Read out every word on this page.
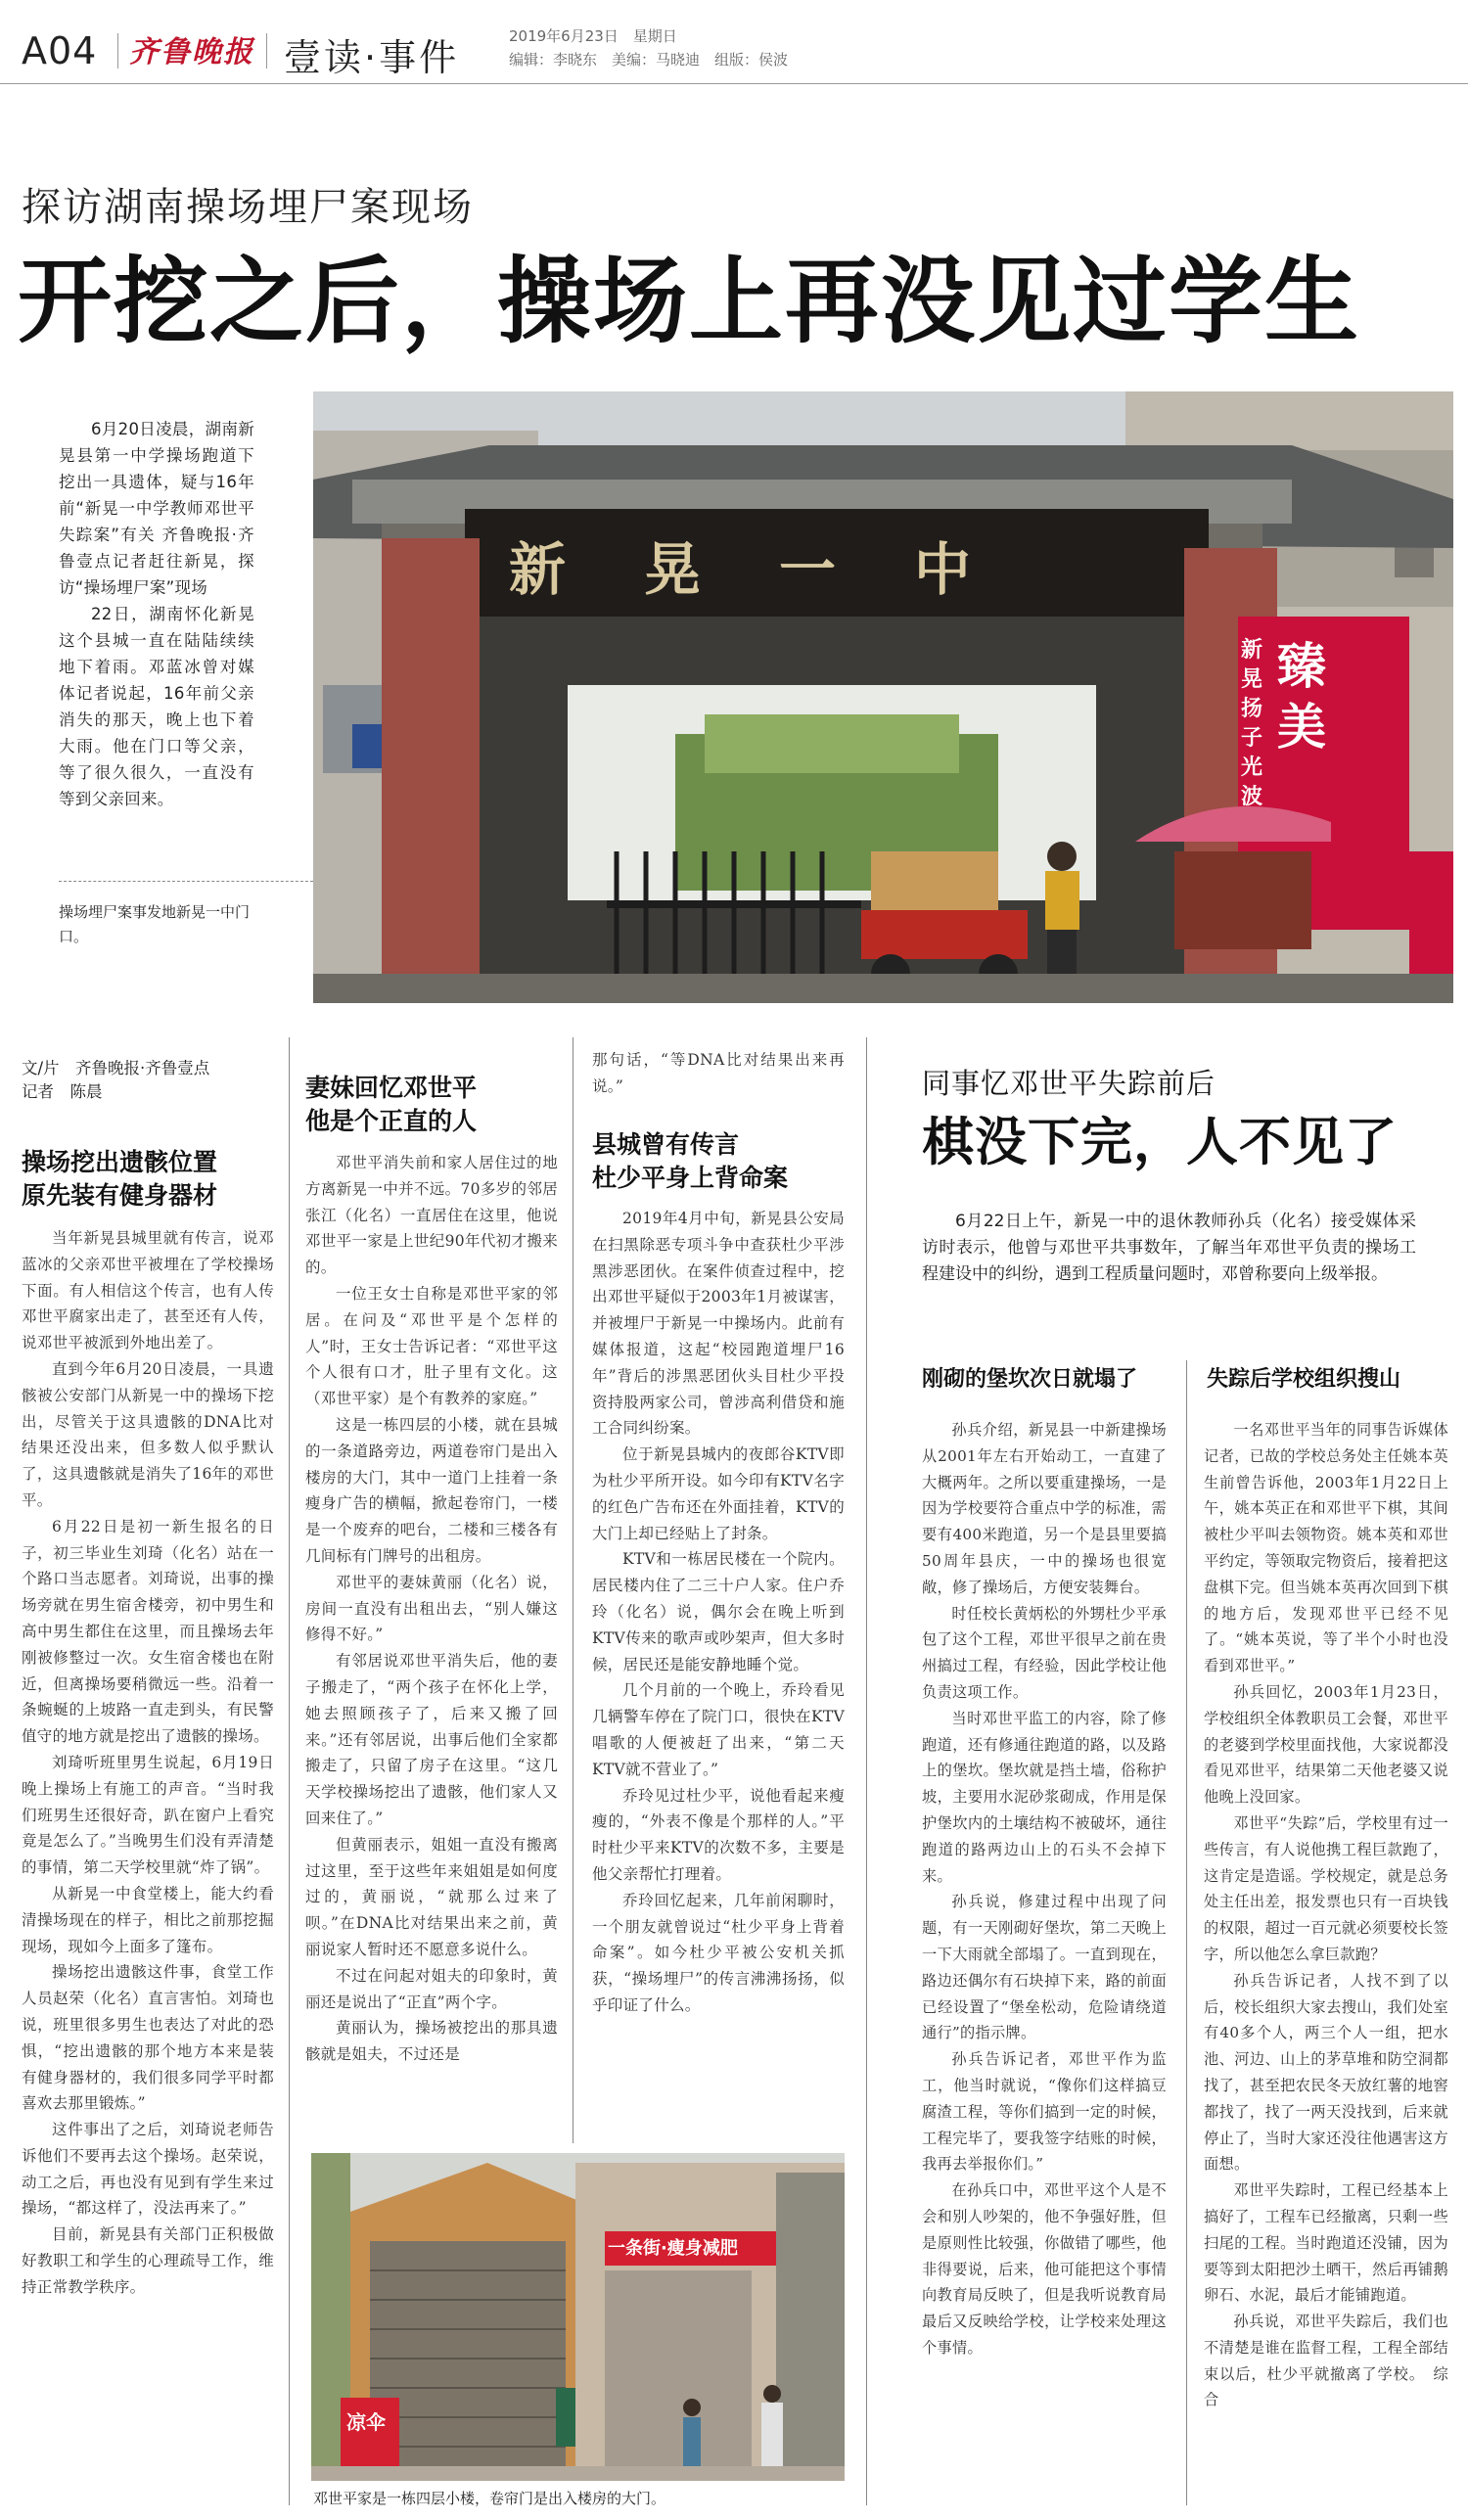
A04 齐鲁晚报 壹读·事件	2019年6月23日　星期日
编辑：李晓东　美编：马晓迪　组版：侯波
探访湖南操场埋尸案现场
开挖之后，操场上再没见过学生

6月20日凌晨，湖南新晃县第一中学操场跑道下挖出一具遗体，疑与16年前“新晃一中学教师邓世平失踪案”有关 齐鲁晚报·齐鲁壹点记者赶往新晃，探访“操场埋尸案”现场

22日，湖南怀化新晃这个县城一直在陆陆续续地下着雨。邓蓝冰曾对媒体记者说起，16年前父亲消失的那天，晚上也下着大雨。他在门口等父亲，等了很久很久，一直没有等到父亲回来。

操场埋尸案事发地新晃一中门口。
新晃一中
臻美
新晃扬子光波
文/片　齐鲁晚报·齐鲁壹点
记者　陈晨
操场挖出遗骸位置
原先装有健身器材

当年新晃县城里就有传言，说邓蓝冰的父亲邓世平被埋在了学校操场下面。有人相信这个传言，也有人传邓世平腐家出走了，甚至还有人传，说邓世平被派到外地出差了。

直到今年6月20日凌晨，一具遗骸被公安部门从新晃一中的操场下挖出，尽管关于这具遗骸的DNA比对结果还没出来，但多数人似乎默认了，这具遗骸就是消失了16年的邓世平。

6月22日是初一新生报名的日子，初三毕业生刘琦（化名）站在一个路口当志愿者。刘琦说，出事的操场旁就在男生宿舍楼旁，初中男生和高中男生都住在这里，而且操场去年刚被修整过一次。女生宿舍楼也在附近，但离操场要稍微远一些。沿着一条蜿蜒的上坡路一直走到头，有民警值守的地方就是挖出了遗骸的操场。

刘琦听班里男生说起，6月19日晚上操场上有施工的声音。“当时我们班男生还很好奇，趴在窗户上看究竟是怎么了。”当晚男生们没有弄清楚的事情，第二天学校里就“炸了锅”。

从新晃一中食堂楼上，能大约看清操场现在的样子，相比之前那挖掘现场，现如今上面多了篷布。

操场挖出遗骸这件事，食堂工作人员赵荣（化名）直言害怕。刘琦也说，班里很多男生也表达了对此的恐惧，“挖出遗骸的那个地方本来是装有健身器材的，我们很多同学平时都喜欢去那里锻炼。”

这件事出了之后，刘琦说老师告诉他们不要再去这个操场。赵荣说，动工之后，再也没有见到有学生来过操场，“都这样了，没法再来了。”

目前，新晃县有关部门正积极做好教职工和学生的心理疏导工作，维持正常教学秩序。

妻妹回忆邓世平
他是个正直的人

邓世平消失前和家人居住过的地方离新晃一中并不远。70多岁的邻居张江（化名）一直居住在这里，他说邓世平一家是上世纪90年代初才搬来的。

一位王女士自称是邓世平家的邻居。在问及“邓世平是个怎样的人”时，王女士告诉记者：“邓世平这个人很有口才，肚子里有文化。这（邓世平家）是个有教养的家庭。”

这是一栋四层的小楼，就在县城的一条道路旁边，两道卷帘门是出入楼房的大门，其中一道门上挂着一条瘦身广告的横幅，掀起卷帘门，一楼是一个废弃的吧台，二楼和三楼各有几间标有门牌号的出租房。

邓世平的妻妹黄丽（化名）说，房间一直没有出租出去，“别人嫌这修得不好。”

有邻居说邓世平消失后，他的妻子搬走了，“两个孩子在怀化上学，她去照顾孩子了，后来又搬了回来。”还有邻居说，出事后他们全家都搬走了，只留了房子在这里。“这几天学校操场挖出了遗骸，他们家人又回来住了。”

但黄丽表示，姐姐一直没有搬离过这里，至于这些年来姐姐是如何度过的，黄丽说，“就那么过来了呗。”在DNA比对结果出来之前，黄丽说家人暂时还不愿意多说什么。

不过在问起对姐夫的印象时，黄丽还是说出了“正直”两个字。

黄丽认为，操场被挖出的那具遗骸就是姐夫，不过还是

那句话，“等DNA比对结果出来再说。”
县城曾有传言
杜少平身上背命案

2019年4月中旬，新晃县公安局在扫黑除恶专项斗争中查获杜少平涉黑涉恶团伙。在案件侦查过程中，挖出邓世平疑似于2003年1月被谋害，并被埋尸于新晃一中操场内。此前有媒体报道，这起“校园跑道埋尸16年”背后的涉黑恶团伙头目杜少平投资持股两家公司，曾涉高利借贷和施工合同纠纷案。

位于新晃县城内的夜郎谷KTV即为杜少平所开设。如今印有KTV名字的红色广告布还在外面挂着，KTV的大门上却已经贴上了封条。

KTV和一栋居民楼在一个院内。居民楼内住了二三十户人家。住户乔玲（化名）说，偶尔会在晚上听到KTV传来的歌声或吵架声，但大多时候，居民还是能安静地睡个觉。

几个月前的一个晚上，乔玲看见几辆警车停在了院门口，很快在KTV唱歌的人便被赶了出来，“第二天KTV就不营业了。”

乔玲见过杜少平，说他看起来瘦瘦的，“外表不像是个那样的人。”平时杜少平来KTV的次数不多，主要是他父亲帮忙打理着。

乔玲回忆起来，几年前闲聊时，一个朋友就曾说过“杜少平身上背着命案”。如今杜少平被公安机关抓获，“操场埋尸”的传言沸沸扬扬，似乎印证了什么。

同事忆邓世平失踪前后
棋没下完，人不见了
6月22日上午，新晃一中的退休教师孙兵（化名）接受媒体采访时表示，他曾与邓世平共事数年，了解当年邓世平负责的操场工程建设中的纠纷，遇到工程质量问题时，邓曾称要向上级举报。
刚砌的堡坎次日就塌了	失踪后学校组织搜山

孙兵介绍，新晃县一中新建操场从2001年左右开始动工，一直建了大概两年。之所以要重建操场，一是因为学校要符合重点中学的标准，需要有400米跑道，另一个是县里要搞50周年县庆，一中的操场也很宽敞，修了操场后，方便安装舞台。

时任校长黄炳松的外甥杜少平承包了这个工程，邓世平很早之前在贵州搞过工程，有经验，因此学校让他负责这项工作。

当时邓世平监工的内容，除了修跑道，还有修通往跑道的路，以及路上的堡坎。堡坎就是挡土墙，俗称护坡，主要用水泥砂浆砌成，作用是保护堡坎内的土壤结构不被破坏，通往跑道的路两边山上的石头不会掉下来。

孙兵说，修建过程中出现了问题，有一天刚砌好堡坎，第二天晚上一下大雨就全部塌了。一直到现在，路边还偶尔有石块掉下来，路的前面已经设置了“堡垒松动，危险请绕道通行”的指示牌。

孙兵告诉记者，邓世平作为监工，他当时就说，“像你们这样搞豆腐渣工程，等你们搞到一定的时候，工程完毕了，要我签字结账的时候，我再去举报你们。”

在孙兵口中，邓世平这个人是不会和别人吵架的，他不争强好胜，但是原则性比较强，你做错了哪些，他非得要说，后来，他可能把这个事情向教育局反映了，但是我听说教育局最后又反映给学校，让学校来处理这个事情。

一名邓世平当年的同事告诉媒体记者，已故的学校总务处主任姚本英生前曾告诉他，2003年1月22日上午，姚本英正在和邓世平下棋，其间被杜少平叫去领物资。姚本英和邓世平约定，等领取完物资后，接着把这盘棋下完。但当姚本英再次回到下棋的地方后，发现邓世平已经不见了。“姚本英说，等了半个小时也没看到邓世平。”

孙兵回忆，2003年1月23日，学校组织全体教职员工会餐，邓世平的老婆到学校里面找他，大家说都没看见邓世平，结果第二天他老婆又说他晚上没回家。

邓世平“失踪”后，学校里有过一些传言，有人说他携工程巨款跑了，这肯定是造谣。学校规定，就是总务处主任出差，报发票也只有一百块钱的权限，超过一百元就必须要校长签字，所以他怎么拿巨款跑？

孙兵告诉记者，人找不到了以后，校长组织大家去搜山，我们处室有40多个人，两三个人一组，把水池、河边、山上的茅草堆和防空洞都找了，甚至把农民冬天放红薯的地窖都找了，找了一两天没找到，后来就停止了，当时大家还没往他遇害这方面想。

邓世平失踪时，工程已经基本上搞好了，工程车已经撤离，只剩一些扫尾的工程。当时跑道还没铺，因为要等到太阳把沙土晒干，然后再铺鹅卵石、水泥，最后才能铺跑道。

孙兵说，邓世平失踪后，我们也不清楚是谁在监督工程，工程全部结束以后，杜少平就撤离了学校。　综合

一条街·瘦身减肥
凉伞
邓世平家是一栋四层小楼，卷帘门是出入楼房的大门。
